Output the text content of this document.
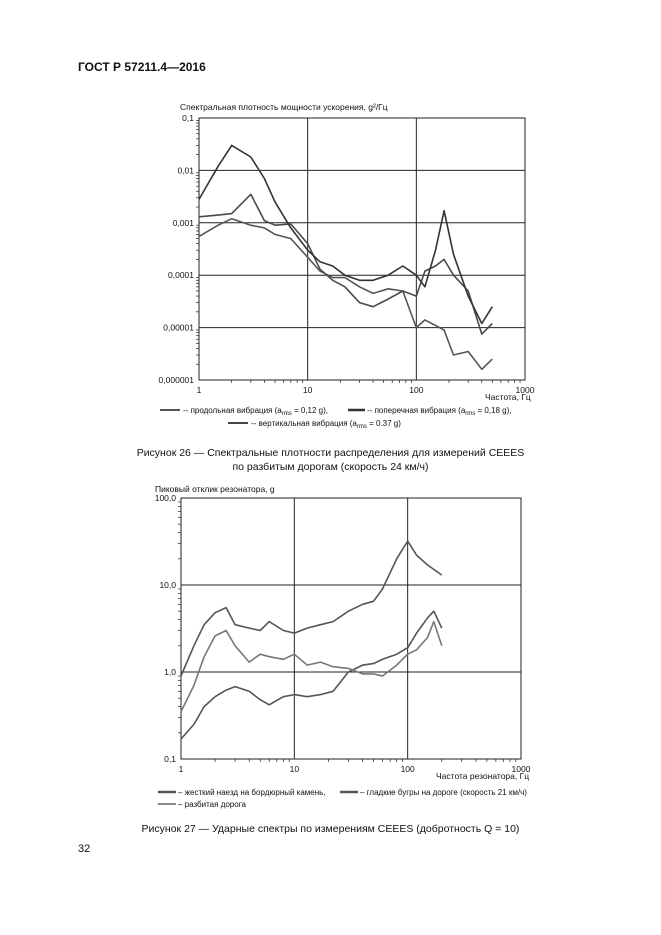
ГОСТ Р 57211.4—2016
Спектральная плотность мощности ускорения, g²/Гц
0,1
0,01
0,001
0,0001
0,00001
0,000001
1	10	100	1000
Частота, Гц
-- продольная вибрация ($a_{rms} = 0,12$ g),	-- поперечная вибрация ($a_{rms} = 0,18$ g),
-- вертикальная вибрация ($a_{rms} = 0.37$ g)
Рисунок 26 — Спектральные плотности распределения для измерений CEEES
по разбитым дорогам (скорость 24 км/ч)
Пиковый отклик резонатора, g
100,0
10,0
1,0
0,1
1	10	100	1000
Частота резонатора, Гц
– жесткий наезд на бордюрный камень,	– гладкие бугры на дороге (скорость 21 км/ч)
– разбитая дорога
Рисунок 27 — Ударные спектры по измерениям CEEES (добротность Q = 10)
32
